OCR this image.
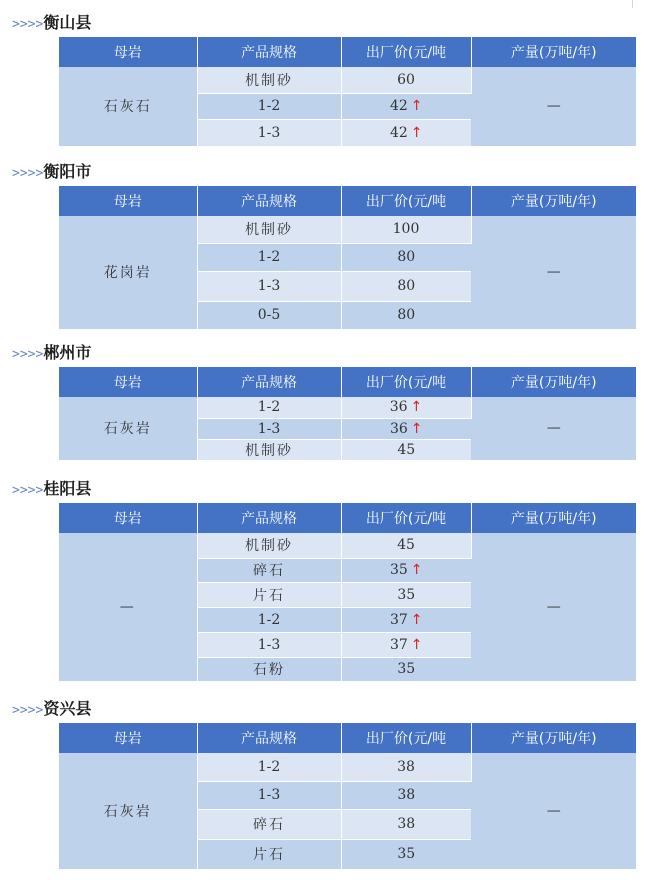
>>>>衡山县
母岩	产品规格	出厂价(元/吨	产量(万吨/年)
石灰石	机制砂	60	—
	1-2	42 ↑	
	1-3	42 ↑	
>>>>衡阳市
母岩	产品规格	出厂价(元/吨	产量(万吨/年)
花岗岩	机制砂	100	—
	1-2	80	
	1-3	80	
	0-5	80	
>>>>郴州市
母岩	产品规格	出厂价(元/吨	产量(万吨/年)
石灰岩	1-2	36 ↑	—
	1-3	36 ↑	
	机制砂	45	
>>>>桂阳县
母岩	产品规格	出厂价(元/吨	产量(万吨/年)
—	机制砂	45	—
	碎石	35 ↑	
	片石	35	
	1-2	37 ↑	
	1-3	37 ↑	
	石粉	35	
>>>>资兴县
母岩	产品规格	出厂价(元/吨	产量(万吨/年)
石灰岩	1-2	38	—
	1-3	38	
	碎石	38	
	片石	35	
